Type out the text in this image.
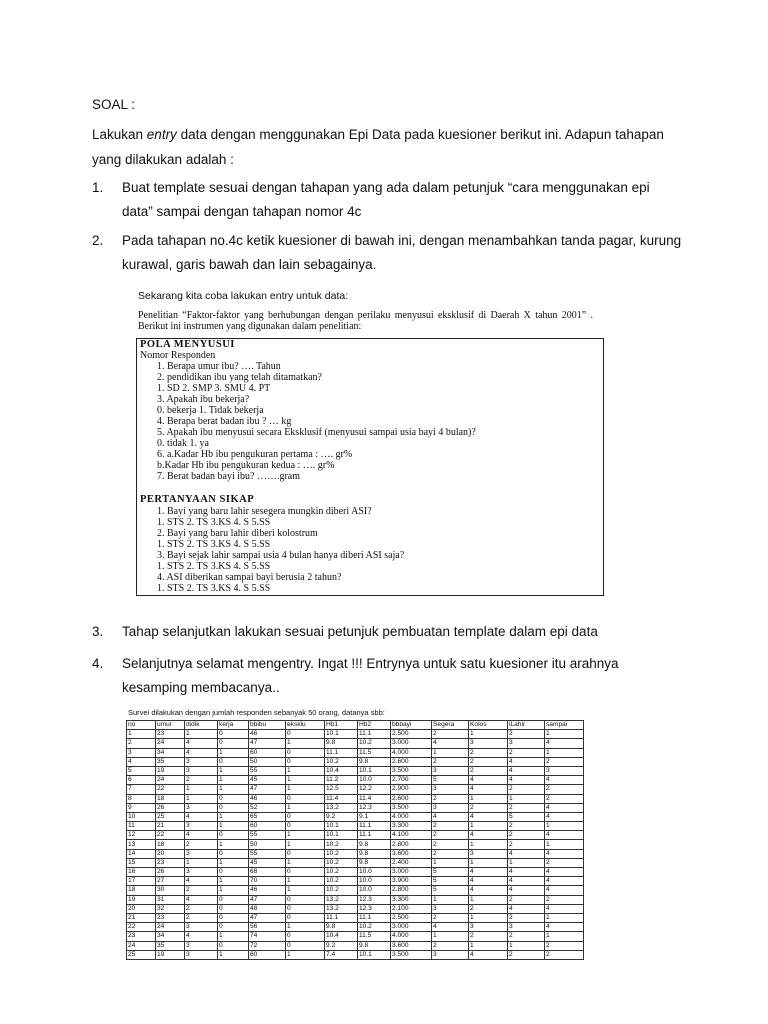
SOAL :
Lakukan entry data dengan menggunakan Epi Data pada kuesioner berikut ini. Adapun tahapan yang dilakukan adalah :
1. Buat template sesuai dengan tahapan yang ada dalam petunjuk “cara menggunakan epi data” sampai dengan tahapan nomor 4c
2. Pada tahapan no.4c ketik kuesioner di bawah ini, dengan menambahkan tanda pagar, kurung kurawal, garis bawah dan lain sebagainya.
Sekarang kita coba lakukan entry untuk data:
Penelitian “Faktor-faktor yang berhubungan dengan perilaku menyusui eksklusif di Daerah X tahun 2001” . Berikut ini instrumen yang digunakan dalam penelitian:
POLA MENYUSUI
Nomor Responden
1. Berapa umur ibu? …. Tahun
2. pendidikan ibu yang telah ditamatkan?
1. SD 2. SMP 3. SMU 4. PT
3. Apakah ibu bekerja?
0. bekerja 1. Tidak bekerja
4. Berapa berat badan ibu ? … kg
5. Apakah ibu menyusui secara Eksklusif (menyusui sampai usia bayi 4 bulan)?
0. tidak 1. ya
6. a.Kadar Hb ibu pengukuran pertama : …. gr%
b.Kadar Hb ibu pengukuran kedua : …. gr%
7. Berat badan bayi ibu? …….gram
PERTANYAAN SIKAP
1. Bayi yang baru lahir sesegera mungkin diberi ASI?
1. STS 2. TS 3.KS 4. S 5.SS
2. Bayi yang baru lahir diberi kolostrum
1. STS 2. TS 3.KS 4. S 5.SS
3. Bayi sejak lahir sampai usia 4 bulan hanya diberi ASI saja?
1. STS 2. TS 3.KS 4. S 5.SS
4. ASI diberikan sampai bayi berusia 2 tahun?
1. STS 2. TS 3.KS 4. S 5.SS
3. Tahap selanjutkan lakukan sesuai petunjuk pembuatan template dalam epi data
4. Selanjutnya selamat mengentry. Ingat !!! Entrynya untuk satu kuesioner itu arahnya kesamping membacanya..
Survei dilakukan dengan jumlah responden sebanyak 50 orang, datanya sbb:
no	umur	didik	kerja	bbibu	eksklu	Hb1	Hb2	bbbayi	Segera	Kolos	iLahir	sampai
1	23	1	0	46	0	10.1	11.1	2.500	2	1	2	1
2	24	4	0	47	1	9.8	10.2	3.000	4	3	3	4
3	34	4	1	60	0	11.1	11.5	4.000	1	2	2	1
4	35	3	0	50	0	10.2	9.8	2.600	2	2	4	2
5	19	3	1	55	1	10.4	10.1	3.500	3	2	4	3
6	24	2	1	45	1	11.2	10.0	2.700	5	4	4	4
7	22	1	1	47	1	12.5	12.2	2.900	3	4	2	2
8	18	1	0	46	0	11.4	11.4	2.600	2	1	1	2
9	26	3	0	52	1	13.2	12.3	3.500	3	2	2	4
10	25	4	1	65	0	9.2	9.1	4.000	4	4	5	4
11	21	3	1	60	0	10.1	11.1	3.300	2	1	2	1
12	22	4	0	55	1	10.1	11.1	4.100	2	4	2	4
13	18	2	1	50	1	10.2	9.8	2.800	2	1	2	1
14	20	3	0	55	0	10.2	9.8	3.600	2	3	4	4
15	23	1	1	45	1	10.2	9.8	2.400	1	1	1	2
16	26	3	0	68	0	10.2	10.0	3.000	5	4	4	4
17	27	4	1	70	1	10.2	10.0	3.900	5	4	4	4
18	30	2	1	46	1	10.2	10.0	2.800	5	4	4	4
19	31	4	0	47	0	13.2	12.3	3.300	1	1	2	2
20	32	2	0	48	0	13.2	12.3	2.100	3	2	4	4
21	23	2	0	47	0	11.1	11.1	2.500	2	1	2	1
22	24	3	0	56	1	9.8	10.2	3.000	4	3	3	4
23	34	4	1	74	0	10.4	11.5	4.000	1	2	2	1
24	35	3	0	72	0	9.2	9.8	3.600	2	1	1	2
25	19	3	1	60	1	7.4	10.1	3.500	3	4	2	2
